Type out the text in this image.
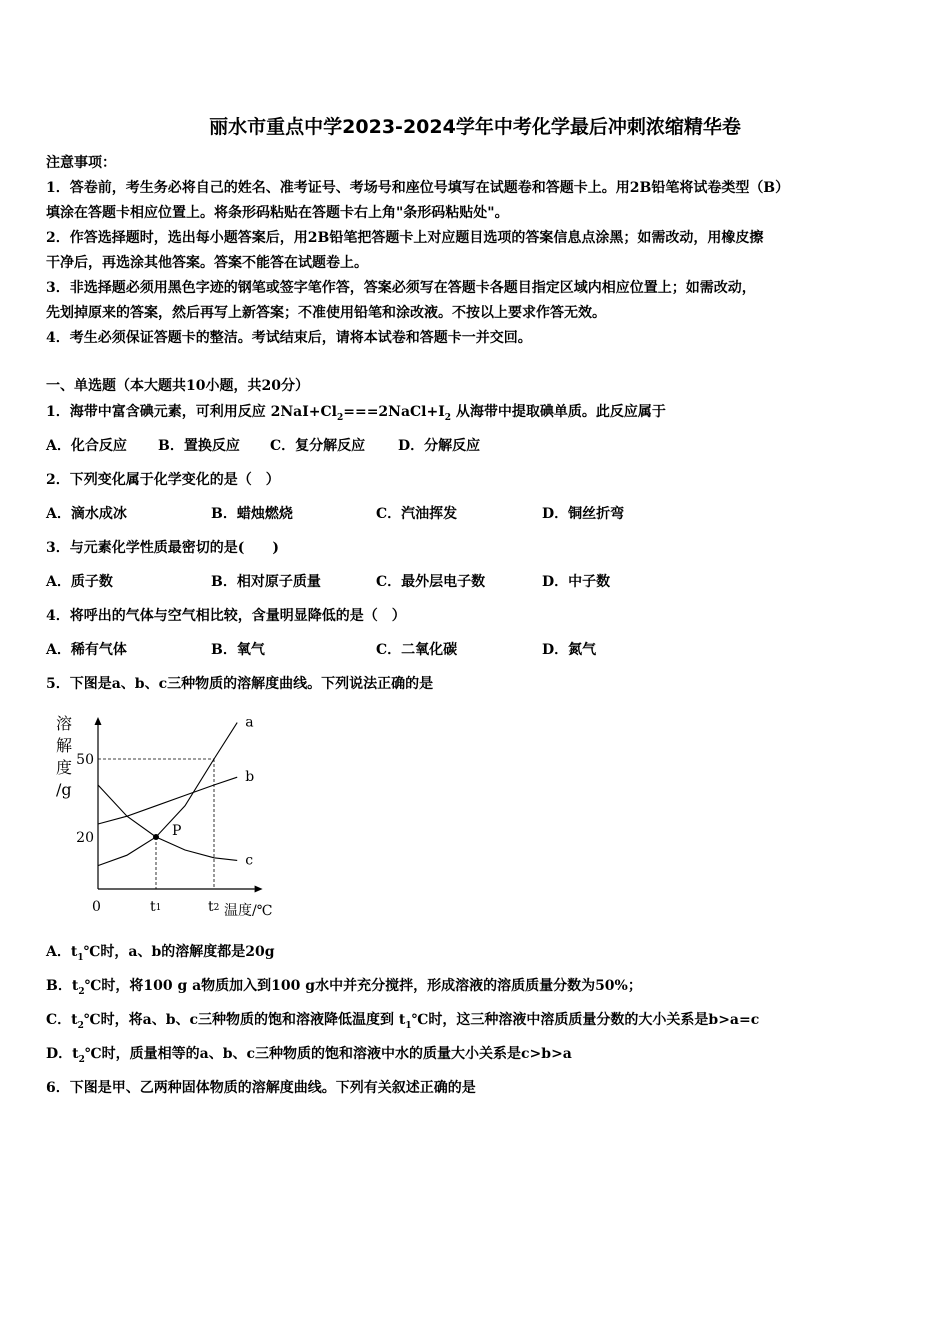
丽水市重点中学2023-2024学年中考化学最后冲刺浓缩精华卷
注意事项：
1．答卷前，考生务必将自己的姓名、准考证号、考场号和座位号填写在试题卷和答题卡上。用2B铅笔将试卷类型（B）
填涂在答题卡相应位置上。将条形码粘贴在答题卡右上角"条形码粘贴处"。
2．作答选择题时，选出每小题答案后，用2B铅笔把答题卡上对应题目选项的答案信息点涂黑；如需改动，用橡皮擦
干净后，再选涂其他答案。答案不能答在试题卷上。
3．非选择题必须用黑色字迹的钢笔或签字笔作答，答案必须写在答题卡各题目指定区域内相应位置上；如需改动，
先划掉原来的答案，然后再写上新答案；不准使用铅笔和涂改液。不按以上要求作答无效。
4．考生必须保证答题卡的整洁。考试结束后，请将本试卷和答题卡一并交回。
一、单选题（本大题共10小题，共20分）
1．海带中富含碘元素，可利用反应 $2NaI+Cl_2===2NaCl+I_2$ 从海带中提取碘单质。此反应属于
A．化合反应 B．置换反应 C．复分解反应 D．分解反应
2．下列变化属于化学变化的是（　）
A．滴水成冰	B．蜡烛燃烧	C．汽油挥发	D．铜丝折弯
3．与元素化学性质最密切的是(　　)
A．质子数	B．相对原子质量	C．最外层电子数	D．中子数
4．将呼出的气体与空气相比较，含量明显降低的是（　）
A．稀有气体	B．氧气	C．二氧化碳	D．氮气
5．下图是a、b、c三种物质的溶解度曲线。下列说法正确的是
a
b
c
P
20
50
溶
解
度
/g
0	t1	t2 温度/℃
A．$t_1℃$时，a、b的溶解度都是20g
B．$t_2℃$时，将100 g a物质加入到100 g水中并充分搅拌，形成溶液的溶质质量分数为50%；
C．$t_2℃$时，将a、b、c三种物质的饱和溶液降低温度到 $t_1℃$时，这三种溶液中溶质质量分数的大小关系是b>a=c
D．$t_2℃$时，质量相等的a、b、c三种物质的饱和溶液中水的质量大小关系是c>b>a
6．下图是甲、乙两种固体物质的溶解度曲线。下列有关叙述正确的是
